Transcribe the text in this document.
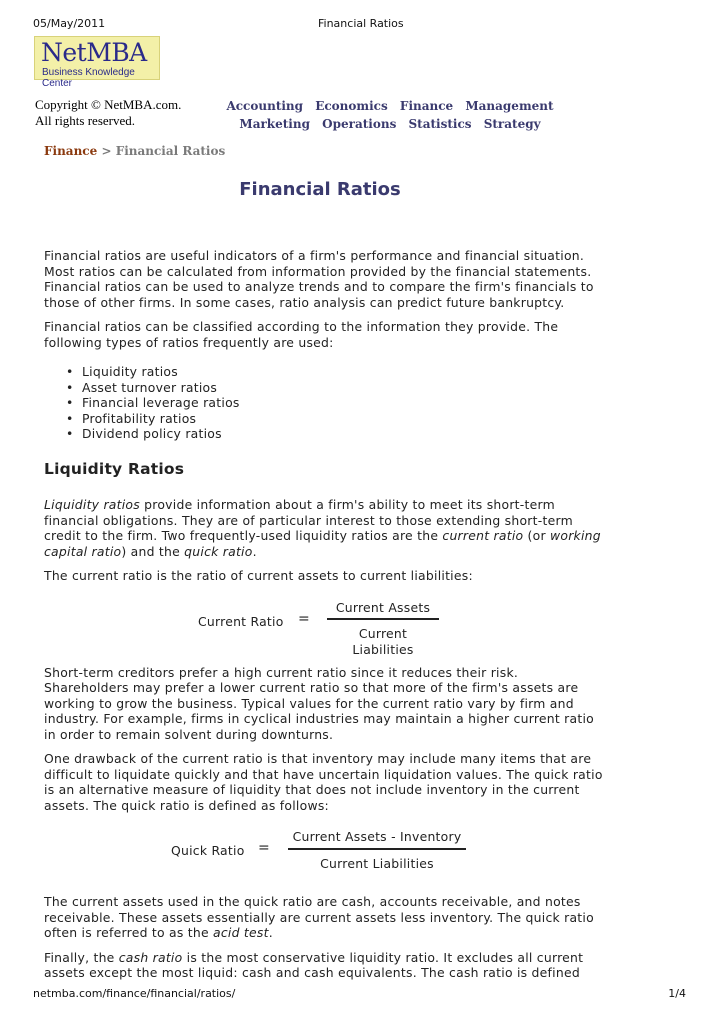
05/May/2011	Financial Ratios
NetMBA
Business Knowledge Center
Copyright © NetMBA.com.
All rights reserved.
Accounting Economics Finance Management
Marketing Operations Statistics Strategy
Finance > Financial Ratios
Financial Ratios

Financial ratios are useful indicators of a firm's performance and financial situation. Most ratios can be calculated from information provided by the financial statements. Financial ratios can be used to analyze trends and to compare the firm's financials to those of other firms. In some cases, ratio analysis can predict future bankruptcy.

Financial ratios can be classified according to the information they provide. The following types of ratios frequently are used:

• Liquidity ratios
• Asset turnover ratios
• Financial leverage ratios
• Profitability ratios
• Dividend policy ratios
Liquidity Ratios

Liquidity ratios provide information about a firm's ability to meet its short-term financial obligations. They are of particular interest to those extending short-term credit to the firm. Two frequently-used liquidity ratios are the current ratio (or working capital ratio) and the quick ratio.

The current ratio is the ratio of current assets to current liabilities:

Current Ratio =
Current Assets
Current Liabilities

Short-term creditors prefer a high current ratio since it reduces their risk. Shareholders may prefer a lower current ratio so that more of the firm's assets are working to grow the business. Typical values for the current ratio vary by firm and industry. For example, firms in cyclical industries may maintain a higher current ratio in order to remain solvent during downturns.

One drawback of the current ratio is that inventory may include many items that are difficult to liquidate quickly and that have uncertain liquidation values. The quick ratio is an alternative measure of liquidity that does not include inventory in the current assets. The quick ratio is defined as follows:

Quick Ratio =
Current Assets - Inventory
Current Liabilities

The current assets used in the quick ratio are cash, accounts receivable, and notes receivable. These assets essentially are current assets less inventory. The quick ratio often is referred to as the acid test.

Finally, the cash ratio is the most conservative liquidity ratio. It excludes all current assets except the most liquid: cash and cash equivalents. The cash ratio is defined

netmba.com/finance/financial/ratios/	1/4
